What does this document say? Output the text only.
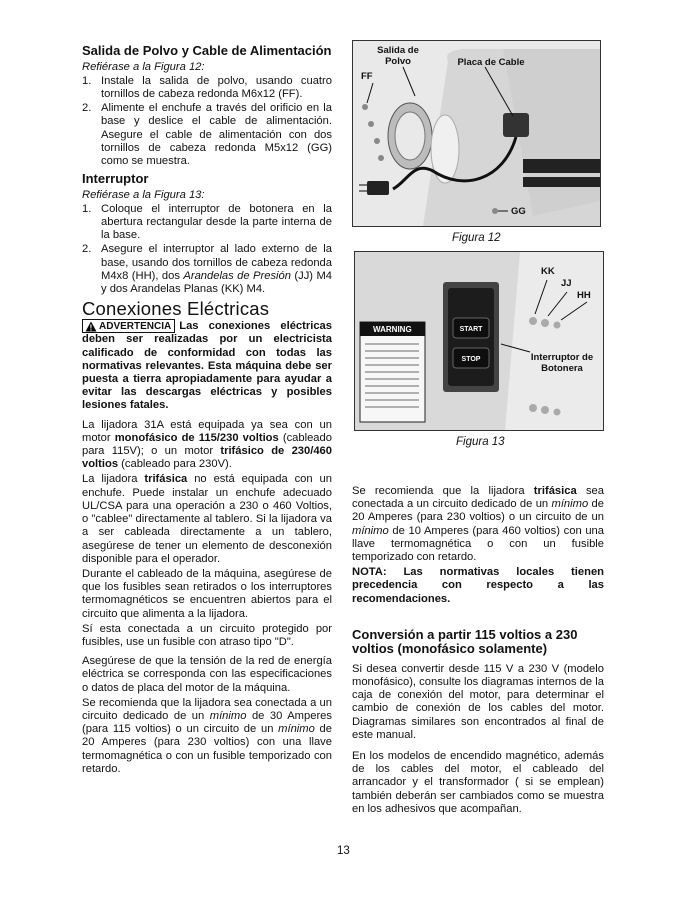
Salida de Polvo y Cable de Alimentación
Refiérase a la Figura 12:
1. Instale la salida de polvo, usando cuatro tornillos de cabeza redonda M6x12 (FF).
2. Alimente el enchufe a través del orificio en la base y deslice el cable de alimentación. Asegure el cable de alimentación con dos tornillos de cabeza redonda M5x12 (GG) como se muestra.
Interruptor
Refiérase a la Figura 13:
1. Coloque el interruptor de botonera en la abertura rectangular desde la parte interna de la base.
2. Asegure el interruptor al lado externo de la base, usando dos tornillos de cabeza redonda M4x8 (HH), dos Arandelas de Presión (JJ) M4 y dos Arandelas Planas (KK) M4.
Conexiones Eléctricas

! ADVERTENCIA Las conexiones eléctricas deben ser realizadas por un electricista calificado de conformidad con todas las normativas relevantes. Esta máquina debe ser puesta a tierra apropiadamente para ayudar a evitar las descargas eléctricas y posibles lesiones fatales.

La lijadora 31A está equipada ya sea con un motor monofásico de 115/230 voltios (cableado para 115V); o un motor trifásico de 230/460 voltios (cableado para 230V).

La lijadora trifásica no está equipada con un enchufe. Puede instalar un enchufe adecuado UL/CSA para una operación a 230 o 460 Voltios, o "cablee" directamente al tablero. Si la lijadora va a ser cableada directamente a un tablero, asegúrese de tener un elemento de desconexión disponible para el operador.

Durante el cableado de la máquina, asegúrese de que los fusibles sean retirados o los interruptores termomagnéticos se encuentren abiertos para el circuito que alimenta a la lijadora.

Sí esta conectada a un circuito protegido por fusibles, use un fusible con atraso tipo "D".

Asegúrese de que la tensión de la red de energía eléctrica se corresponda con las especificaciones o datos de placa del motor de la máquina.

Se recomienda que la lijadora sea conectada a un circuito dedicado de un mínimo de 30 Amperes (para 115 voltios) o un circuito de un mínimo de 20 Amperes (para 230 voltios) con una llave termomagnética o con un fusible temporizado con retardo.

Salida de Polvo	Placa de Cable
FF
GG
Figura 12
WARNING	START
STOP
KK
JJ
HH
Interruptor de Botonera
Figura 13

Se recomienda que la lijadora trifásica sea conectada a un circuito dedicado de un mínimo de 20 Amperes (para 230 voltios) o un circuito de un mínimo de 10 Amperes (para 460 voltios) con una llave termomagnética o con un fusible temporizado con retardo.

NOTA: Las normativas locales tienen precedencia con respecto a las recomendaciones.

Conversión a partir 115 voltios a 230 voltios (monofásico solamente)

Si desea convertir desde 115 V a 230 V (modelo monofásico), consulte los diagramas internos de la caja de conexión del motor, para determinar el cambio de conexión de los cables del motor. Diagramas similares son encontrados al final de este manual.

En los modelos de encendido magnético, además de los cables del motor, el cableado del arrancador y el transformador ( si se emplean) también deberán ser cambiados como se muestra en los adhesivos que acompañan.

13
